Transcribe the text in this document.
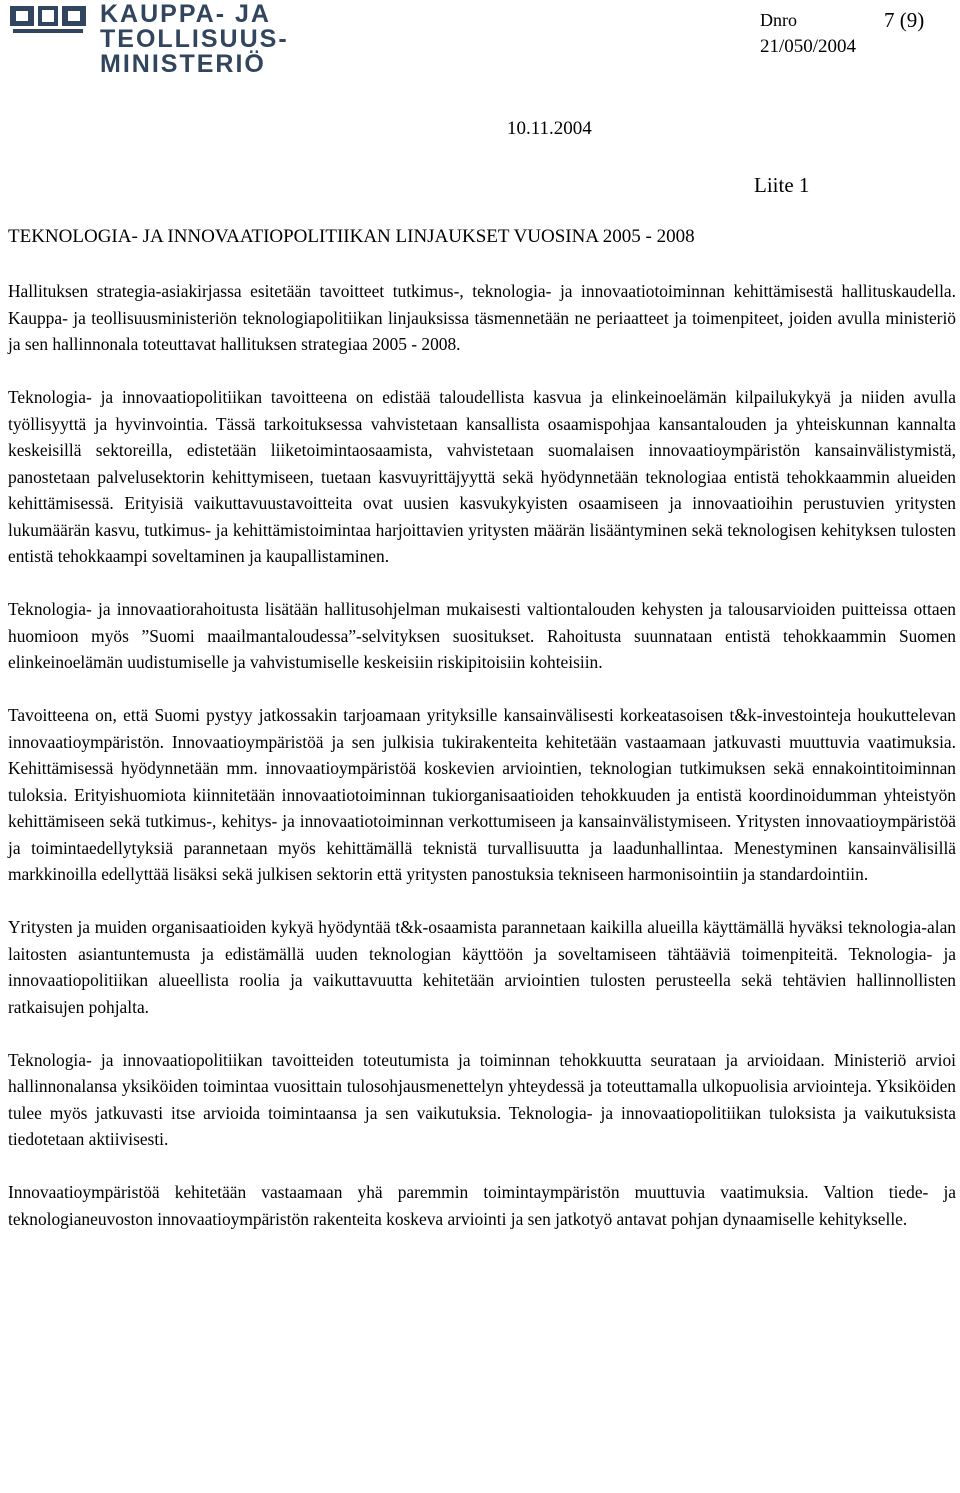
KAUPPA- JA
TEOLLISUUS-
MINISTERIÖ
Dnro	7 (9)
21/050/2004
10.11.2004
Liite 1
TEKNOLOGIA- JA INNOVAATIOPOLITIIKAN LINJAUKSET VUOSINA 2005 - 2008

Hallituksen strategia-asiakirjassa esitetään tavoitteet tutkimus-, teknologia- ja innovaatiotoiminnan kehittämisestä hallituskaudella. Kauppa- ja teollisuusministeriön teknologiapolitiikan linjauksissa täsmennetään ne periaatteet ja toimenpiteet, joiden avulla ministeriö ja sen hallinnonala toteuttavat hallituksen strategiaa 2005 - 2008.

Teknologia- ja innovaatiopolitiikan tavoitteena on edistää taloudellista kasvua ja elinkeinoelämän kilpailukykyä ja niiden avulla työllisyyttä ja hyvinvointia. Tässä tarkoituksessa vahvistetaan kansallista osaamispohjaa kansantalouden ja yhteiskunnan kannalta keskeisillä sektoreilla, edistetään liiketoimintaosaamista, vahvistetaan suomalaisen innovaatioympäristön kansainvälistymistä, panostetaan palvelusektorin kehittymiseen, tuetaan kasvuyrittäjyyttä sekä hyödynnetään teknologiaa entistä tehokkaammin alueiden kehittämisessä. Erityisiä vaikuttavuustavoitteita ovat uusien kasvukykyisten osaamiseen ja innovaatioihin perustuvien yritysten lukumäärän kasvu, tutkimus- ja kehittämistoimintaa harjoittavien yritysten määrän lisääntyminen sekä teknologisen kehityksen tulosten entistä tehokkaampi soveltaminen ja kaupallistaminen.

Teknologia- ja innovaatiorahoitusta lisätään hallitusohjelman mukaisesti valtiontalouden kehysten ja talousarvioiden puitteissa ottaen huomioon myös ”Suomi maailmantaloudessa”-selvityksen suositukset. Rahoitusta suunnataan entistä tehokkaammin Suomen elinkeinoelämän uudistumiselle ja vahvistumiselle keskeisiin riskipitoisiin kohteisiin.

Tavoitteena on, että Suomi pystyy jatkossakin tarjoamaan yrityksille kansainvälisesti korkeatasoisen t&k-investointeja houkuttelevan innovaatioympäristön. Innovaatioympäristöä ja sen julkisia tukirakenteita kehitetään vastaamaan jatkuvasti muuttuvia vaatimuksia. Kehittämisessä hyödynnetään mm. innovaatioympäristöä koskevien arviointien, teknologian tutkimuksen sekä ennakointitoiminnan tuloksia. Erityishuomiota kiinnitetään innovaatiotoiminnan tukiorganisaatioiden tehokkuuden ja entistä koordinoidumman yhteistyön kehittämiseen sekä tutkimus-, kehitys- ja innovaatiotoiminnan verkottumiseen ja kansainvälistymiseen. Yritysten innovaatioympäristöä ja toimintaedellytyksiä parannetaan myös kehittämällä teknistä turvallisuutta ja laadunhallintaa. Menestyminen kansainvälisillä markkinoilla edellyttää lisäksi sekä julkisen sektorin että yritysten panostuksia tekniseen harmonisointiin ja standardointiin.

Yritysten ja muiden organisaatioiden kykyä hyödyntää t&k-osaamista parannetaan kaikilla alueilla käyttämällä hyväksi teknologia-alan laitosten asiantuntemusta ja edistämällä uuden teknologian käyttöön ja soveltamiseen tähtääviä toimenpiteitä. Teknologia- ja innovaatiopolitiikan alueellista roolia ja vaikuttavuutta kehitetään arviointien tulosten perusteella sekä tehtävien hallinnollisten ratkaisujen pohjalta.

Teknologia- ja innovaatiopolitiikan tavoitteiden toteutumista ja toiminnan tehokkuutta seurataan ja arvioidaan. Ministeriö arvioi hallinnonalansa yksiköiden toimintaa vuosittain tulosohjausmenettelyn yhteydessä ja toteuttamalla ulkopuolisia arviointeja. Yksiköiden tulee myös jatkuvasti itse arvioida toimintaansa ja sen vaikutuksia. Teknologia- ja innovaatiopolitiikan tuloksista ja vaikutuksista tiedotetaan aktiivisesti.

Innovaatioympäristöä kehitetään vastaamaan yhä paremmin toimintaympäristön muuttuvia vaatimuksia. Valtion tiede- ja teknologianeuvoston innovaatioympäristön rakenteita koskeva arviointi ja sen jatkotyö antavat pohjan dynaamiselle kehitykselle.
